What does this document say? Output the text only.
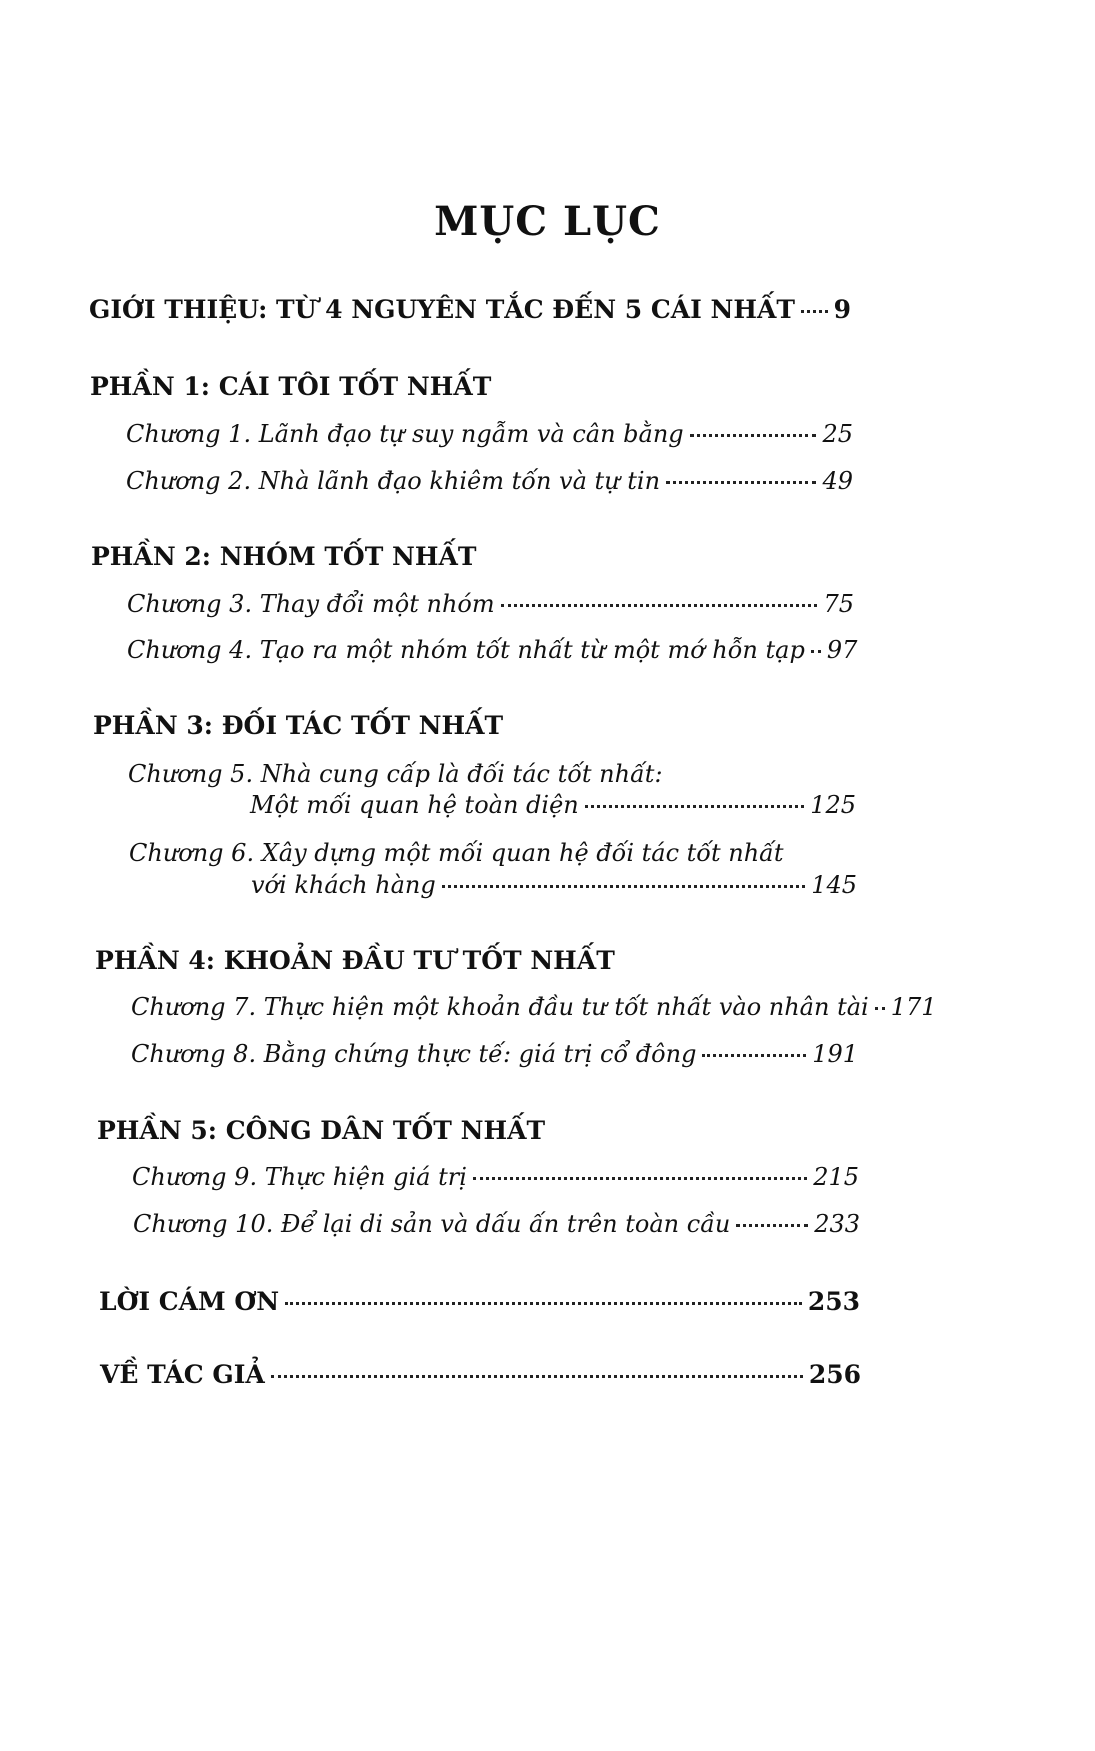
MỤC LỤC
GIỚI THIỆU: TỪ 4 NGUYÊN TẮC ĐẾN 5 CÁI NHẤT 9
PHẦN 1: CÁI TÔI TỐT NHẤT
Chương 1. Lãnh đạo tự suy ngẫm và cân bằng	25
Chương 2. Nhà lãnh đạo khiêm tốn và tự tin	49
PHẦN 2: NHÓM TỐT NHẤT
Chương 3. Thay đổi một nhóm	75
Chương 4. Tạo ra một nhóm tốt nhất từ một mớ hỗn tạp 97
PHẦN 3: ĐỐI TÁC TỐT NHẤT
Chương 5. Nhà cung cấp là đối tác tốt nhất:
Một mối quan hệ toàn diện	125
Chương 6. Xây dựng một mối quan hệ đối tác tốt nhất
với khách hàng	145
PHẦN 4: KHOẢN ĐẦU TƯ TỐT NHẤT
Chương 7. Thực hiện một khoản đầu tư tốt nhất vào nhân tài 171
Chương 8. Bằng chứng thực tế: giá trị cổ đông	191
PHẦN 5: CÔNG DÂN TỐT NHẤT
Chương 9. Thực hiện giá trị	215
Chương 10. Để lại di sản và dấu ấn trên toàn cầu	233
LỜI CÁM ƠN	253
VỀ TÁC GIẢ	256
